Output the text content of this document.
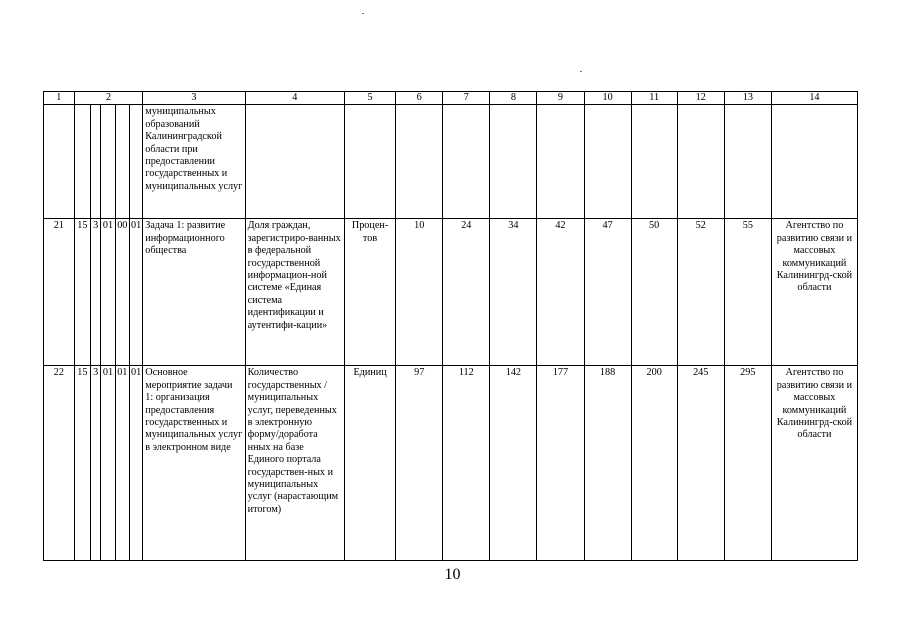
1	2					3	4	5	6	7	8	9	10	11	12	13	14
						муниципальных образований Калининградской области при предоставлении государственных и муниципальных услуг											
21	15	3	01	00	01	Задача 1: развитие информационного общества	Доля граждан, зарегистриро-ванных в федеральной государственной информацион-ной системе «Единая система идентификации и аутентифи-кации»	Процен-тов	10	24	34	42	47	50	52	55	Агентство по развитию связи и массовых коммуникаций Калинингрд-ской области
22	15	3	01	01	01	Основное мероприятие задачи 1: организация предоставления государственных и муниципальных услуг в электронном виде	Количество государственных /муниципальных услуг, переведенных в электронную форму/доработа нных на базе Единого портала государствен-ных и муниципальных услуг (нарастающим итогом)	Единиц	97	112	142	177	188	200	245	295	Агентство по развитию связи и массовых коммуникаций Калинингрд-ской области
10
